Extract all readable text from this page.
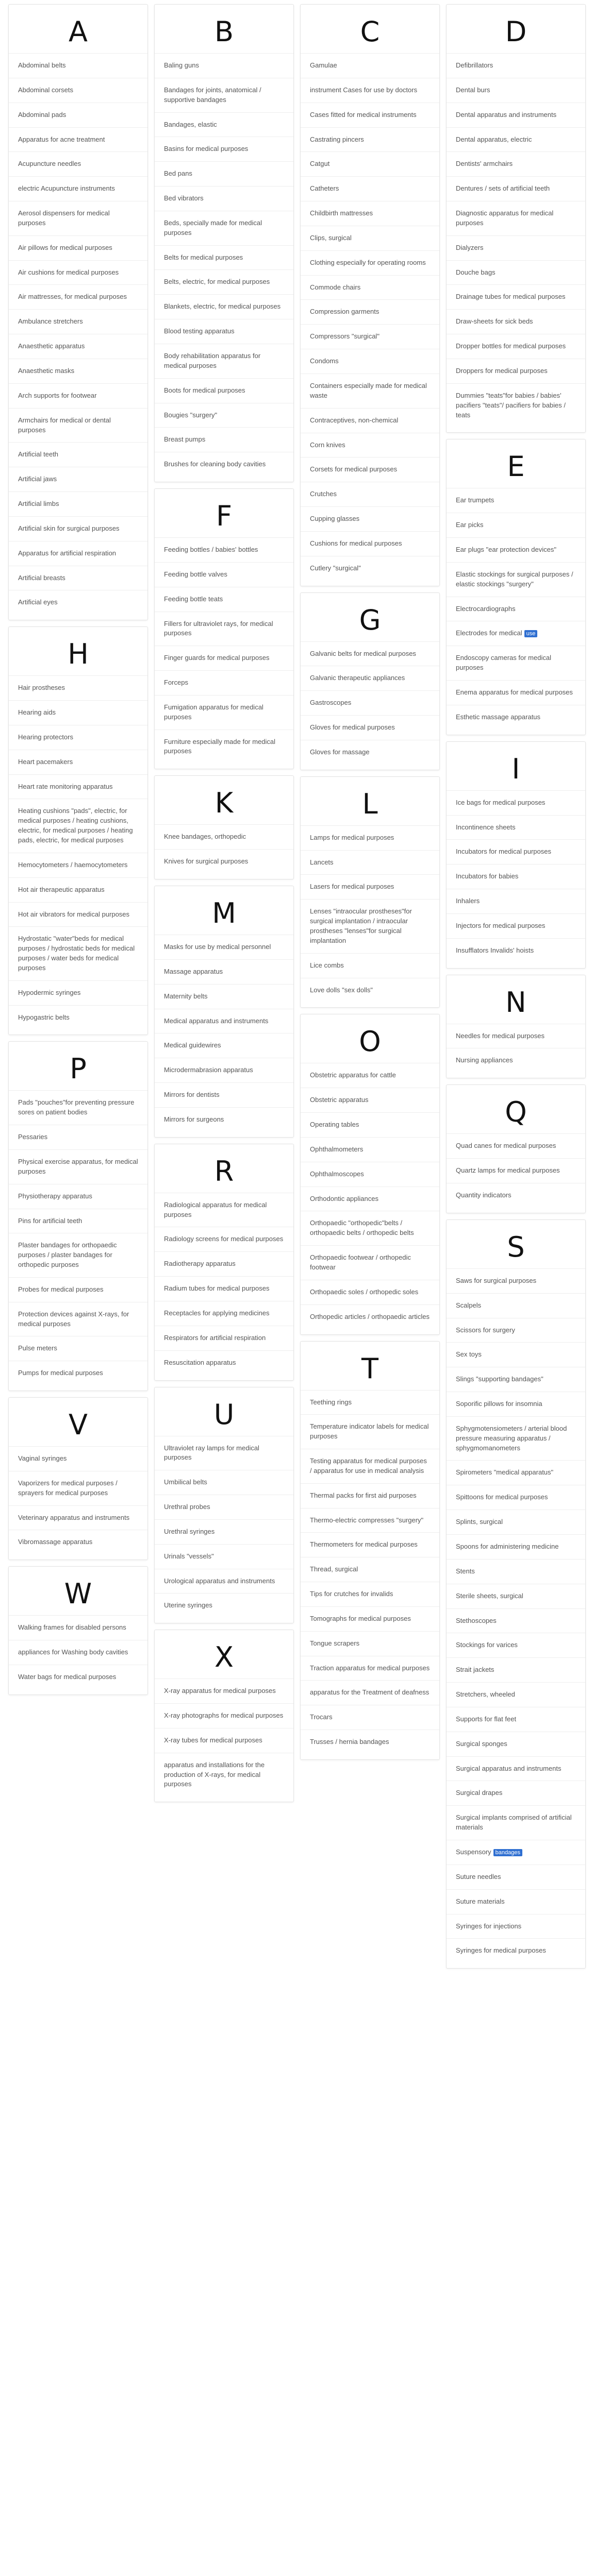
A
Abdominal belts
Abdominal corsets
Abdominal pads
Apparatus for acne treatment
Acupuncture needles
electric Acupuncture instruments
Aerosol dispensers for medical purposes
Air pillows for medical purposes
Air cushions for medical purposes
Air mattresses, for medical purposes
Ambulance stretchers
Anaesthetic apparatus
Anaesthetic masks
Arch supports for footwear
Armchairs for medical or dental purposes
Artificial teeth
Artificial jaws
Artificial limbs
Artificial skin for surgical purposes
Apparatus for artificial respiration
Artificial breasts
Artificial eyes
H
Hair prostheses
Hearing aids
Hearing protectors
Heart pacemakers
Heart rate monitoring apparatus
Heating cushions "pads", electric, for medical purposes / heating cushions, electric, for medical purposes / heating pads, electric, for medical purposes
Hemocytometers / haemocytometers
Hot air therapeutic apparatus
Hot air vibrators for medical purposes
Hydrostatic "water"beds for medical purposes / hydrostatic beds for medical purposes / water beds for medical purposes
Hypodermic syringes
Hypogastric belts
P
Pads "pouches"for preventing pressure sores on patient bodies
Pessaries
Physical exercise apparatus, for medical purposes
Physiotherapy apparatus
Pins for artificial teeth
Plaster bandages for orthopaedic purposes / plaster bandages for orthopedic purposes
Probes for medical purposes
Protection devices against X-rays, for medical purposes
Pulse meters
Pumps for medical purposes
V
Vaginal syringes
Vaporizers for medical purposes / sprayers for medical purposes
Veterinary apparatus and instruments
Vibromassage apparatus
W
Walking frames for disabled persons
appliances for Washing body cavities
Water bags for medical purposes
B
Baling guns
Bandages for joints, anatomical / supportive bandages
Bandages, elastic
Basins for medical purposes
Bed pans
Bed vibrators
Beds, specially made for medical purposes
Belts for medical purposes
Belts, electric, for medical purposes
Blankets, electric, for medical purposes
Blood testing apparatus
Body rehabilitation apparatus for medical purposes
Boots for medical purposes
Bougies "surgery"
Breast pumps
Brushes for cleaning body cavities
F
Feeding bottles / babies' bottles
Feeding bottle valves
Feeding bottle teats
Fillers for ultraviolet rays, for medical purposes
Finger guards for medical purposes
Forceps
Fumigation apparatus for medical purposes
Furniture especially made for medical purposes
K
Knee bandages, orthopedic
Knives for surgical purposes
M
Masks for use by medical personnel
Massage apparatus
Maternity belts
Medical apparatus and instruments
Medical guidewires
Microdermabrasion apparatus
Mirrors for dentists
Mirrors for surgeons
R
Radiological apparatus for medical purposes
Radiology screens for medical purposes
Radiotherapy apparatus
Radium tubes for medical purposes
Receptacles for applying medicines
Respirators for artificial respiration
Resuscitation apparatus
U
Ultraviolet ray lamps for medical purposes
Umbilical belts
Urethral probes
Urethral syringes
Urinals "vessels"
Urological apparatus and instruments
Uterine syringes
X
X-ray apparatus for medical purposes
X-ray photographs for medical purposes
X-ray tubes for medical purposes
apparatus and installations for the production of X-rays, for medical purposes
C
Gamulae
instrument Cases for use by doctors
Cases fitted for medical instruments
Castrating pincers
Catgut
Catheters
Childbirth mattresses
Clips, surgical
Clothing especially for operating rooms
Commode chairs
Compression garments
Compressors "surgical"
Condoms
Containers especially made for medical waste
Contraceptives, non-chemical
Corn knives
Corsets for medical purposes
Crutches
Cupping glasses
Cushions for medical purposes
Cutlery "surgical"
G
Galvanic belts for medical purposes
Galvanic therapeutic appliances
Gastroscopes
Gloves for medical purposes
Gloves for massage
L
Lamps for medical purposes
Lancets
Lasers for medical purposes
Lenses "intraocular prostheses"for surgical implantation / intraocular prostheses "lenses"for surgical implantation
Lice combs
Love dolls "sex dolls"
O
Obstetric apparatus for cattle
Obstetric apparatus
Operating tables
Ophthalmometers
Ophthalmoscopes
Orthodontic appliances
Orthopaedic "orthopedic"belts / orthopaedic belts / orthopedic belts
Orthopaedic footwear / orthopedic footwear
Orthopaedic soles / orthopedic soles
Orthopedic articles / orthopaedic articles
T
Teething rings
Temperature indicator labels for medical purposes
Testing apparatus for medical purposes / apparatus for use in medical analysis
Thermal packs for first aid purposes
Thermo-electric compresses "surgery"
Thermometers for medical purposes
Thread, surgical
Tips for crutches for invalids
Tomographs for medical purposes
Tongue scrapers
Traction apparatus for medical purposes
apparatus for the Treatment of deafness
Trocars
Trusses / hernia bandages
D
Defibrillators
Dental burs
Dental apparatus and instruments
Dental apparatus, electric
Dentists' armchairs
Dentures / sets of artificial teeth
Diagnostic apparatus for medical purposes
Dialyzers
Douche bags
Drainage tubes for medical purposes
Draw-sheets for sick beds
Dropper bottles for medical purposes
Droppers for medical purposes
Dummies "teats"for babies / babies' pacifiers "teats"/ pacifiers for babies / teats
E
Ear trumpets
Ear picks
Ear plugs "ear protection devices"
Elastic stockings for surgical purposes / elastic stockings "surgery"
Electrocardiographs
Electrodes for medical use
Endoscopy cameras for medical purposes
Enema apparatus for medical purposes
Esthetic massage apparatus
I
Ice bags for medical purposes
Incontinence sheets
Incubators for medical purposes
Incubators for babies
Inhalers
Injectors for medical purposes
Insufflators Invalids' hoists
N
Needles for medical purposes
Nursing appliances
Q
Quad canes for medical purposes
Quartz lamps for medical purposes
Quantity indicators
S
Saws for surgical purposes
Scalpels
Scissors for surgery
Sex toys
Slings "supporting bandages"
Soporific pillows for insomnia
Sphygmotensiometers / arterial blood pressure measuring apparatus / sphygmomanometers
Spirometers "medical apparatus"
Spittoons for medical purposes
Splints, surgical
Spoons for administering medicine
Stents
Sterile sheets, surgical
Stethoscopes
Stockings for varices
Strait jackets
Stretchers, wheeled
Supports for flat feet
Surgical sponges
Surgical apparatus and instruments
Surgical drapes
Surgical implants comprised of artificial materials
Suspensory bandages
Suture needles
Suture materials
Syringes for injections
Syringes for medical purposes
